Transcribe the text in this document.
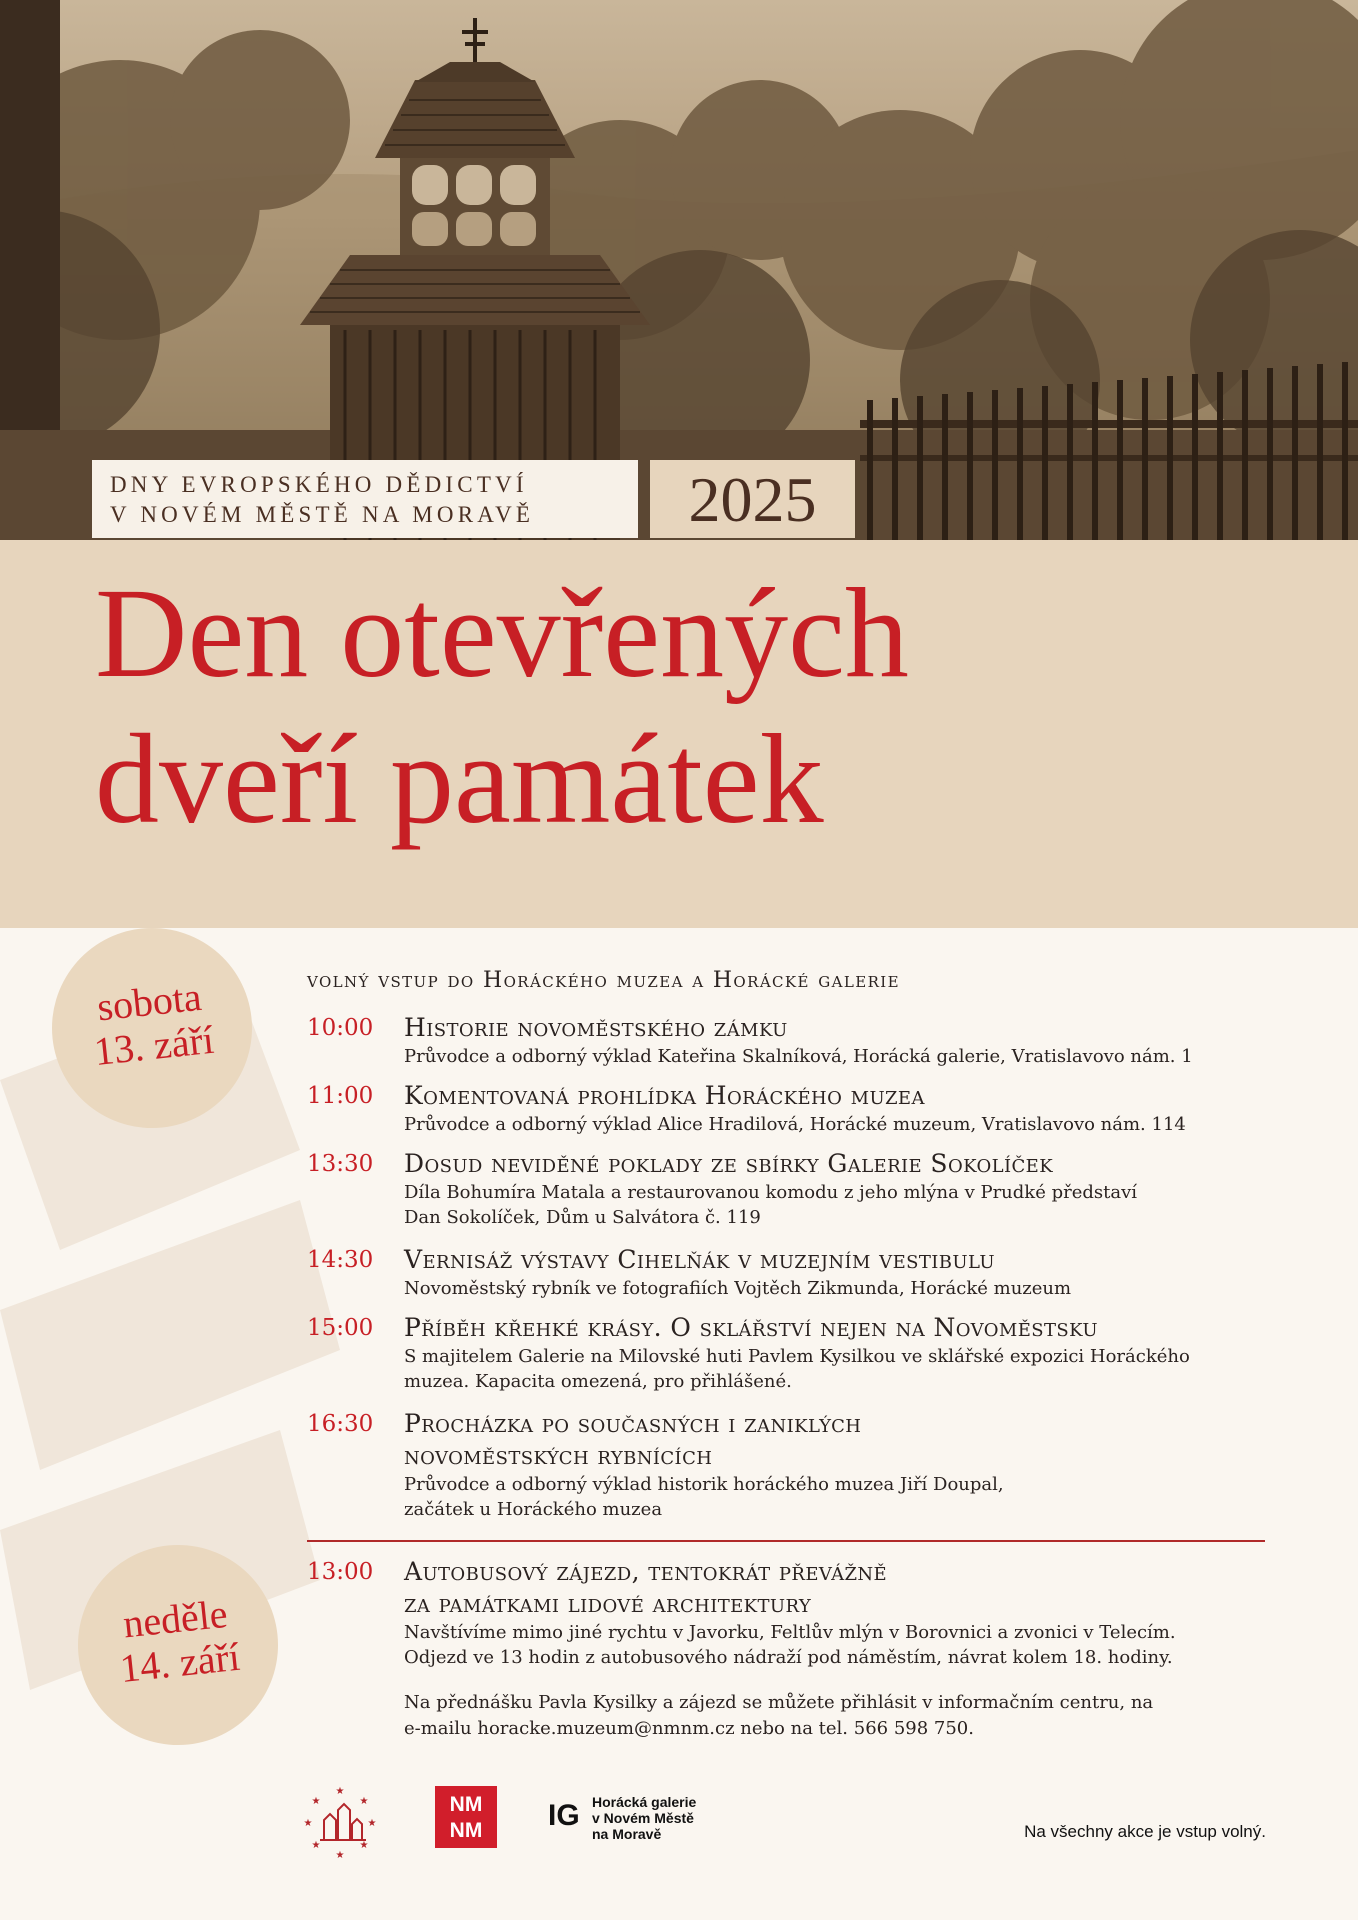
DNY EVROPSKÉHO DĚDICTVÍ
V NOVÉM MĚSTĚ NA MORAVĚ	2025
Den otevřených
dveří památek
sobota
13. září
neděle
14. září
volný vstup do Horáckého muzea a Horácké galerie
10:00	Historie novoměstského zámku
Průvodce a odborný výklad Kateřina Skalníková, Horácká galerie, Vratislavovo nám. 1
11:00	Komentovaná prohlídka Horáckého muzea
Průvodce a odborný výklad Alice Hradilová, Horácké muzeum, Vratislavovo nám. 114
13:30	Dosud neviděné poklady ze sbírky Galerie Sokolíček
Díla Bohumíra Matala a restaurovanou komodu z jeho mlýna v Prudké představí
Dan Sokolíček, Dům u Salvátora č. 119
14:30	Vernisáž výstavy Cihelňák v muzejním vestibulu
Novoměstský rybník ve fotografiích Vojtěch Zikmunda, Horácké muzeum
15:00	Příběh křehké krásy. O sklářství nejen na Novoměstsku
S majitelem Galerie na Milovské huti Pavlem Kysilkou ve sklářské expozici Horáckého
muzea. Kapacita omezená, pro přihlášené.
16:30	Procházka po současných i zaniklých
novoměstských rybnících
Průvodce a odborný výklad historik horáckého muzea Jiří Doupal,
začátek u Horáckého muzea
13:00	Autobusový zájezd, tentokrát převážně
za památkami lidové architektury
Navštívíme mimo jiné rychtu v Javorku, Feltlův mlýn v Borovnici a zvonici v Telecím.
Odjezd ve 13 hodin z autobusového nádraží pod náměstím, návrat kolem 18. hodiny.
Na přednášku Pavla Kysilky a zájezd se můžete přihlásit v informačním centru, na
e-mailu horacke.muzeum@nmnm.cz nebo na tel. 566 598 750.
★
★	★
★	★
★	★
★
NM
NM	IG Horácká galerie
v Novém Městě
na Moravě	Na všechny akce je vstup volný.
